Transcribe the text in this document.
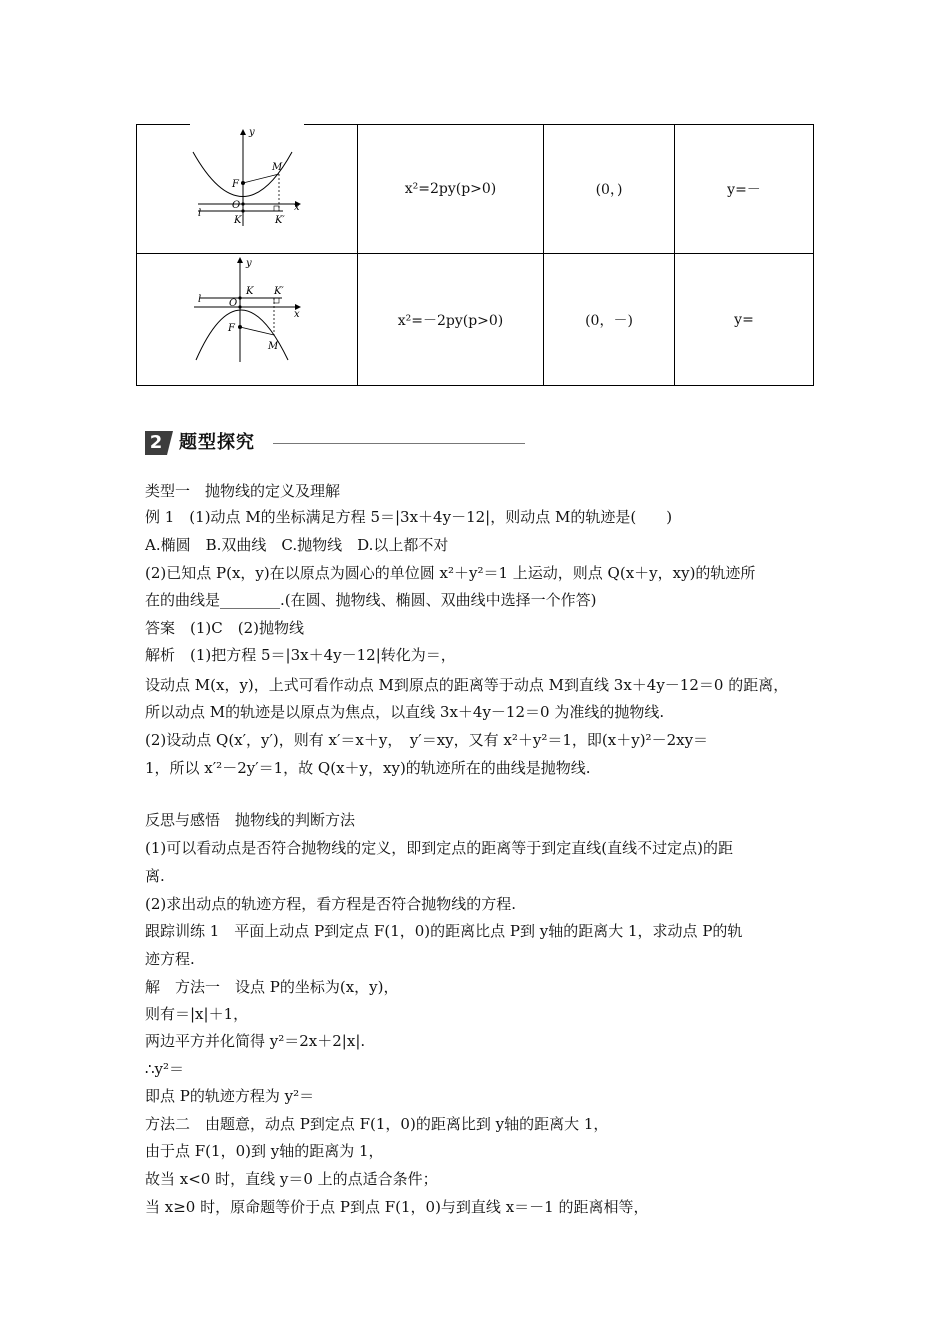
y
x
F
O
K	K′
M
l
y
x
F
O
K K′
M
l
x²=2py(p>0)	(0，)	y=－
x²=－2py(p>0)	(0，－)	y=
2 题型探究
类型一　抛物线的定义及理解
例 1　(1)动点 M的坐标满足方程 5＝|3x＋4y－12|，则动点 M的轨迹是(　　)
A.椭圆　B.双曲线　C.抛物线　D.以上都不对
(2)已知点 P(x，y)在以原点为圆心的单位圆 x²＋y²＝1 上运动，则点 Q(x＋y，xy)的轨迹所
在的曲线是________.(在圆、抛物线、椭圆、双曲线中选择一个作答)
答案　(1)C　(2)抛物线
解析　(1)把方程 5＝|3x＋4y－12|转化为＝，
设动点 M(x，y)，上式可看作动点 M到原点的距离等于动点 M到直线 3x＋4y－12＝0 的距离，
所以动点 M的轨迹是以原点为焦点，以直线 3x＋4y－12＝0 为准线的抛物线.
(2)设动点 Q(x′，y′)，则有 x′＝x＋y，　y′＝xy，又有 x²＋y²＝1，即(x＋y)²－2xy＝
1，所以 x′²－2y′＝1，故 Q(x＋y，xy)的轨迹所在的曲线是抛物线.
反思与感悟　抛物线的判断方法
(1)可以看动点是否符合抛物线的定义，即到定点的距离等于到定直线(直线不过定点)的距
离.
(2)求出动点的轨迹方程，看方程是否符合抛物线的方程.
跟踪训练 1　平面上动点 P到定点 F(1，0)的距离比点 P到 y轴的距离大 1，求动点 P的轨
迹方程.
解　方法一　设点 P的坐标为(x，y)，
则有＝|x|＋1，
两边平方并化简得 y²＝2x＋2|x|.
∴y²＝
即点 P的轨迹方程为 y²＝
方法二　由题意，动点 P到定点 F(1，0)的距离比到 y轴的距离大 1，
由于点 F(1，0)到 y轴的距离为 1，
故当 x<0 时，直线 y＝0 上的点适合条件；
当 x≥0 时，原命题等价于点 P到点 F(1，0)与到直线 x＝－1 的距离相等，
